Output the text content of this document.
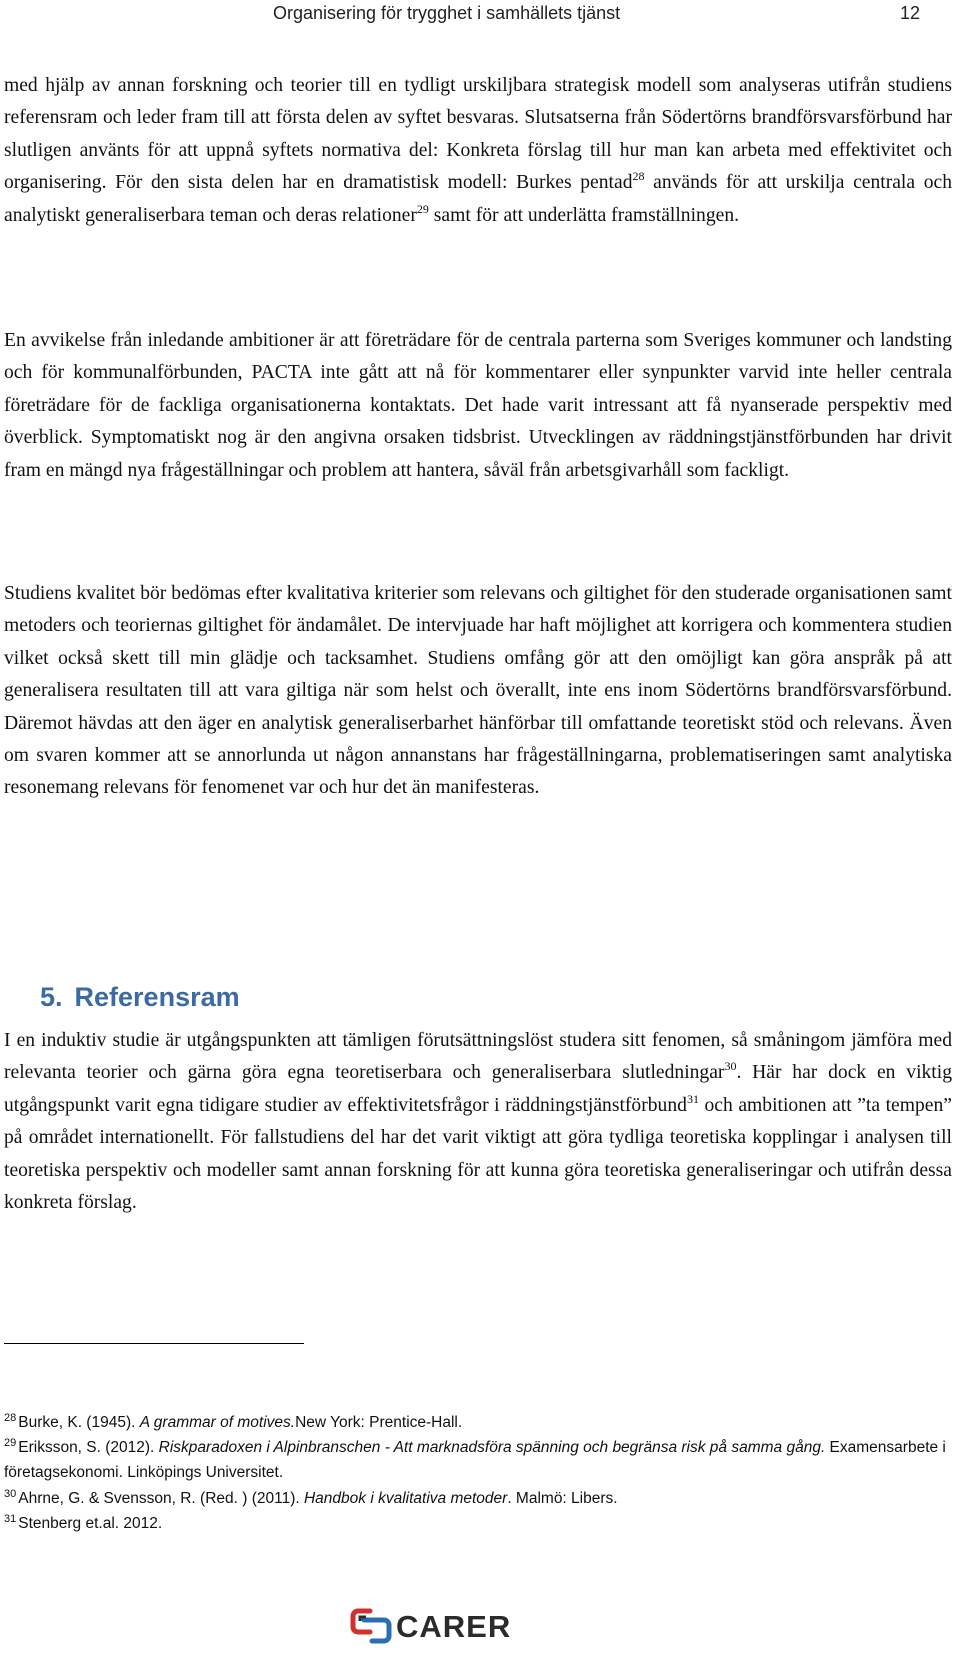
Organisering för trygghet i samhällets tjänst	12

med hjälp av annan forskning och teorier till en tydligt urskiljbara strategisk modell som analyseras utifrån studiens referensram och leder fram till att första delen av syftet besvaras. Slutsatserna från Södertörns brandförsvarsförbund har slutligen använts för att uppnå syftets normativa del: Konkreta förslag till hur man kan arbeta med effektivitet och organisering. För den sista delen har en dramatistisk modell: Burkes pentad$^{28}$ används för att urskilja centrala och analytiskt generaliserbara teman och deras relationer$^{29}$ samt för att underlätta framställningen.

En avvikelse från inledande ambitioner är att företrädare för de centrala parterna som Sveriges kommuner och landsting och för kommunalförbunden, PACTA inte gått att nå för kommentarer eller synpunkter varvid inte heller centrala företrädare för de fackliga organisationerna kontaktats. Det hade varit intressant att få nyanserade perspektiv med överblick. Symptomatiskt nog är den angivna orsaken tidsbrist. Utvecklingen av räddningstjänstförbunden har drivit fram en mängd nya frågeställningar och problem att hantera, såväl från arbetsgivarhåll som fackligt.

Studiens kvalitet bör bedömas efter kvalitativa kriterier som relevans och giltighet för den studerade organisationen samt metoders och teoriernas giltighet för ändamålet. De intervjuade har haft möjlighet att korrigera och kommentera studien vilket också skett till min glädje och tacksamhet. Studiens omfång gör att den omöjligt kan göra anspråk på att generalisera resultaten till att vara giltiga när som helst och överallt, inte ens inom Södertörns brandförsvarsförbund. Däremot hävdas att den äger en analytisk generaliserbarhet hänförbar till omfattande teoretiskt stöd och relevans. Även om svaren kommer att se annorlunda ut någon annanstans har frågeställningarna, problematiseringen samt analytiska resonemang relevans för fenomenet var och hur det än manifesteras.

5. Referensram

I en induktiv studie är utgångspunkten att tämligen förutsättningslöst studera sitt fenomen, så småningom jämföra med relevanta teorier och gärna göra egna teoretiserbara och generaliserbara slutledningar$^{30}$. Här har dock en viktig utgångspunkt varit egna tidigare studier av effektivitetsfrågor i räddningstjänstförbund$^{31}$ och ambitionen att ”ta tempen” på området internationellt. För fallstudiens del har det varit viktigt att göra tydliga teoretiska kopplingar i analysen till teoretiska perspektiv och modeller samt annan forskning för att kunna göra teoretiska generaliseringar och utifrån dessa konkreta förslag.

$^{28}$ Burke, K. (1945). A grammar of motives.New York: Prentice-Hall.

$^{29}$ Eriksson, S. (2012). Riskparadoxen i Alpinbranschen - Att marknadsföra spänning och begränsa risk på samma gång. Examensarbete i företagsekonomi. Linköpings Universitet.

$^{30}$ Ahrne, G. & Svensson, R. (Red. ) (2011). Handbok i kvalitativa metoder. Malmö: Libers.

$^{31}$ Stenberg et.al. 2012.

CARER
